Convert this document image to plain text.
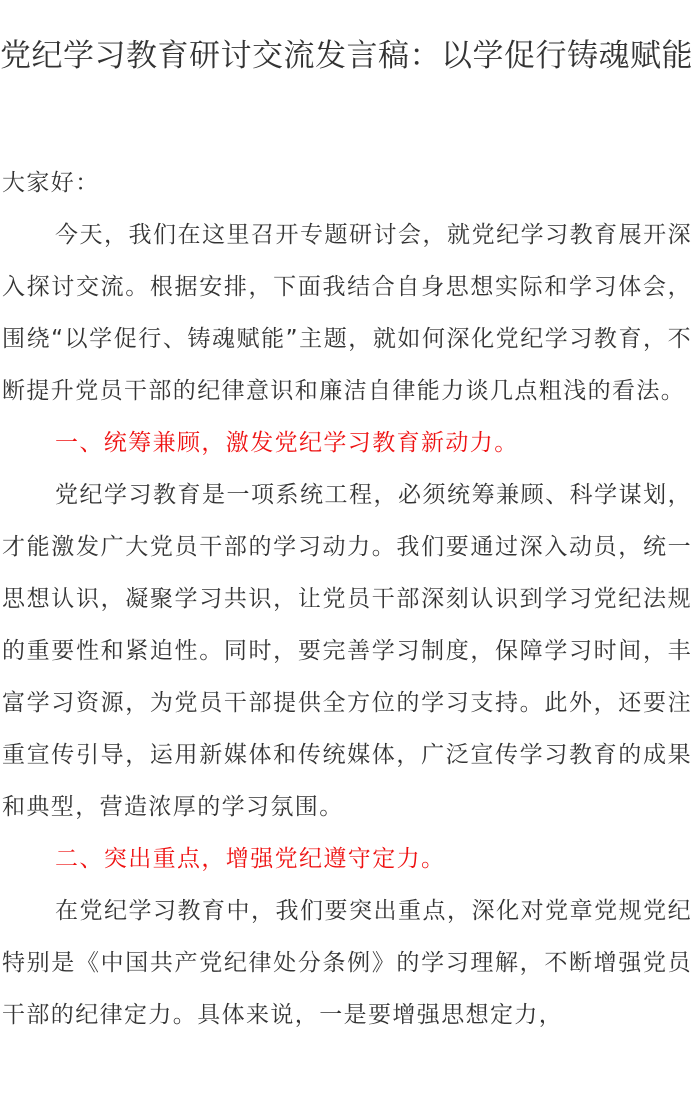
党纪学习教育研讨交流发言稿：以学促行铸魂赋能

大家好：

今天，我们在这里召开专题研讨会，就党纪学习教育展开深入探讨交流。根据安排，下面我结合自身思想实际和学习体会，围绕“以学促行、铸魂赋能”主题，就如何深化党纪学习教育，不断提升党员干部的纪律意识和廉洁自律能力谈几点粗浅的看法。

一、统筹兼顾，激发党纪学习教育新动力。

党纪学习教育是一项系统工程，必须统筹兼顾、科学谋划，才能激发广大党员干部的学习动力。我们要通过深入动员，统一思想认识，凝聚学习共识，让党员干部深刻认识到学习党纪法规的重要性和紧迫性。同时，要完善学习制度，保障学习时间，丰富学习资源，为党员干部提供全方位的学习支持。此外，还要注重宣传引导，运用新媒体和传统媒体，广泛宣传学习教育的成果和典型，营造浓厚的学习氛围。

二、突出重点，增强党纪遵守定力。

在党纪学习教育中，我们要突出重点，深化对党章党规党纪特别是《中国共产党纪律处分条例》的学习理解，不断增强党员干部的纪律定力。具体来说，一是要增强思想定力，
